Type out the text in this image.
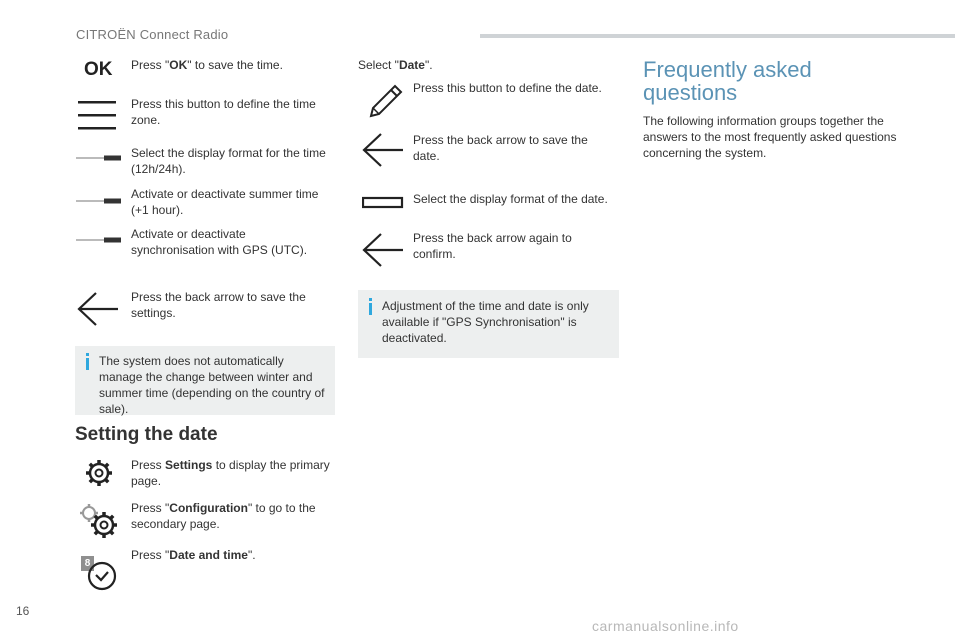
CITROËN Connect Radio
OK Press "OK" to save the time.
Press this button to define the time zone.
Select the display format for the time (12h/24h).
Activate or deactivate summer time (+1 hour).
Activate or deactivate synchronisation with GPS (UTC).
Press the back arrow to save the settings.
The system does not automatically manage the change between winter and summer time (depending on the country of sale).
Setting the date
Press Settings to display the primary page.
Press "Configuration" to go to the secondary page.
8
Press "Date and time".
Select "Date".
Press this button to define the date.
Press the back arrow to save the date.
Select the display format of the date.
Press the back arrow again to confirm.
Adjustment of the time and date is only available if "GPS Synchronisation" is deactivated.
Frequently asked
questions
The following information groups together the answers to the most frequently asked questions concerning the system.
16
carmanualsonline.info
